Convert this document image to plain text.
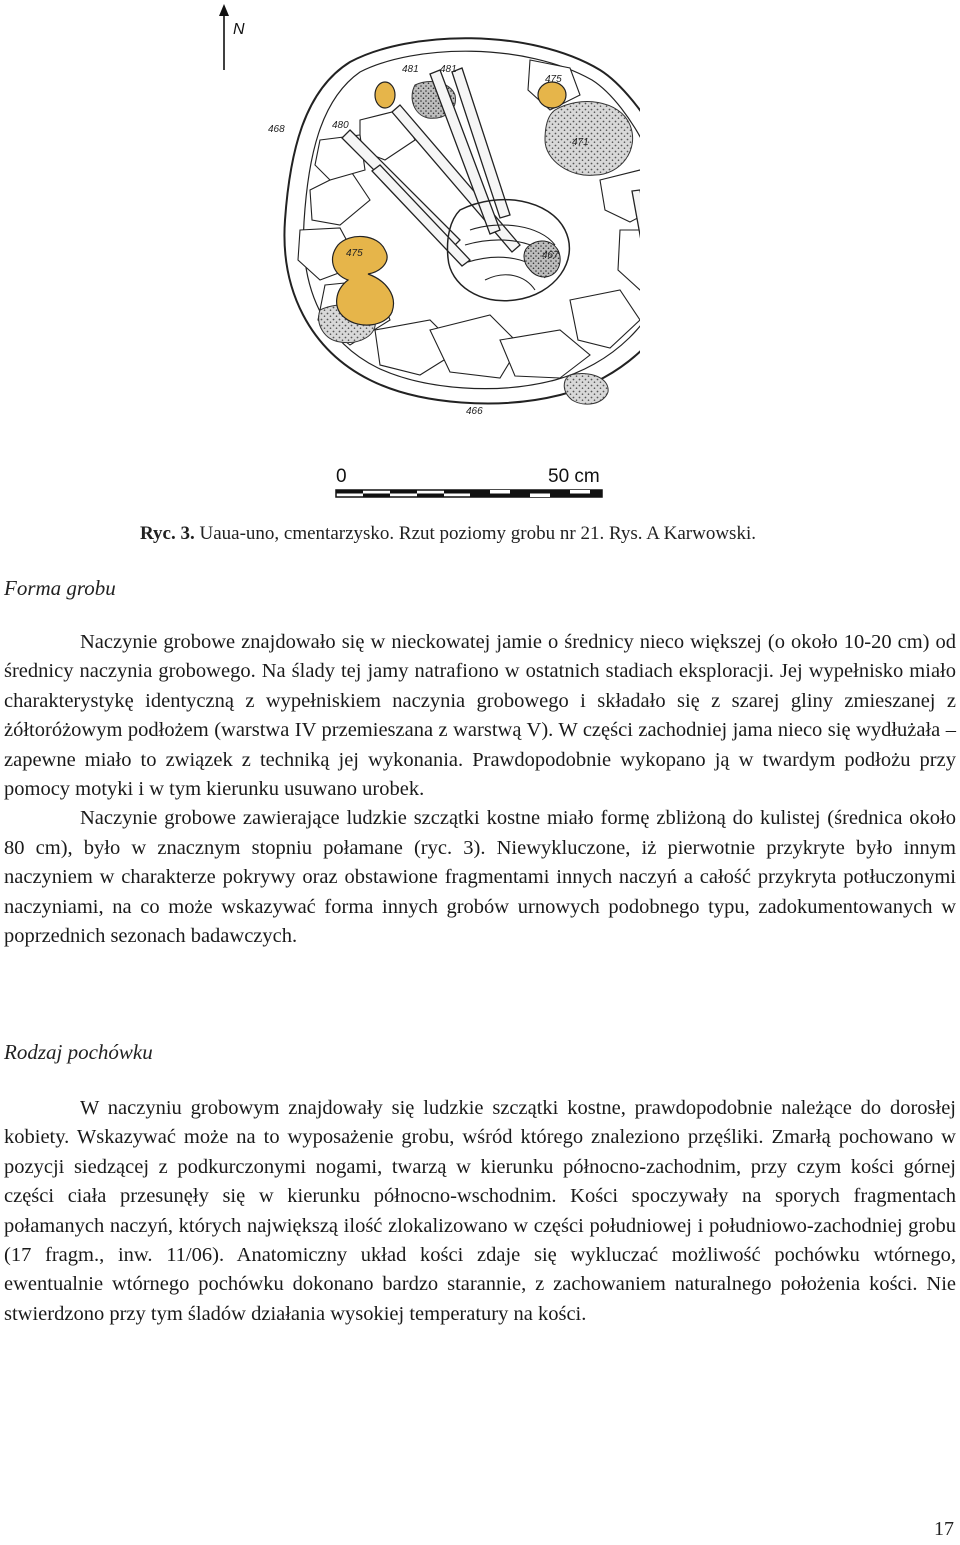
N
481 481
475
468	480
471
475	467
466
0	50 cm
Ryc. 3. Uaua-uno, cmentarzysko. Rzut poziomy grobu nr 21. Rys. A Karwowski.
Forma grobu

Naczynie grobowe znajdowało się w nieckowatej jamie o średnicy nieco większej (o około 10-20 cm) od średnicy naczynia grobowego. Na ślady tej jamy natrafiono w ostatnich stadiach eksploracji. Jej wypełnisko miało charakterystykę identyczną z wypełniskiem naczynia grobowego i składało się z szarej gliny zmieszanej z żółtoróżowym podłożem (warstwa IV przemieszana z warstwą V). W części zachodniej jama nieco się wydłużała – zapewne miało to związek z techniką jej wykonania. Prawdopodobnie wykopano ją w twardym podłożu przy pomocy motyki i w tym kierunku usuwano urobek.

Naczynie grobowe zawierające ludzkie szczątki kostne miało formę zbliżoną do kulistej (średnica około 80 cm), było w znacznym stopniu połamane (ryc. 3). Niewykluczone, iż pierwotnie przykryte było innym naczyniem w charakterze pokrywy oraz obstawione fragmentami innych naczyń a całość przykryta potłuczonymi naczyniami, na co może wskazywać forma innych grobów urnowych podobnego typu, zadokumentowanych w poprzednich sezonach badawczych.

Rodzaj pochówku

W naczyniu grobowym znajdowały się ludzkie szczątki kostne, prawdopodobnie należące do dorosłej kobiety. Wskazywać może na to wyposażenie grobu, wśród którego znaleziono przęśliki. Zmarłą pochowano w pozycji siedzącej z podkurczonymi nogami, twarzą w kierunku północno-zachodnim, przy czym kości górnej części ciała przesunęły się w kierunku północno-wschodnim. Kości spoczywały na sporych fragmentach połamanych naczyń, których największą ilość zlokalizowano w części południowej i południowo-zachodniej grobu (17 fragm., inw. 11/06). Anatomiczny układ kości zdaje się wykluczać możliwość pochówku wtórnego, ewentualnie wtórnego pochówku dokonano bardzo starannie, z zachowaniem naturalnego położenia kości. Nie stwierdzono przy tym śladów działania wysokiej temperatury na kości.

17
